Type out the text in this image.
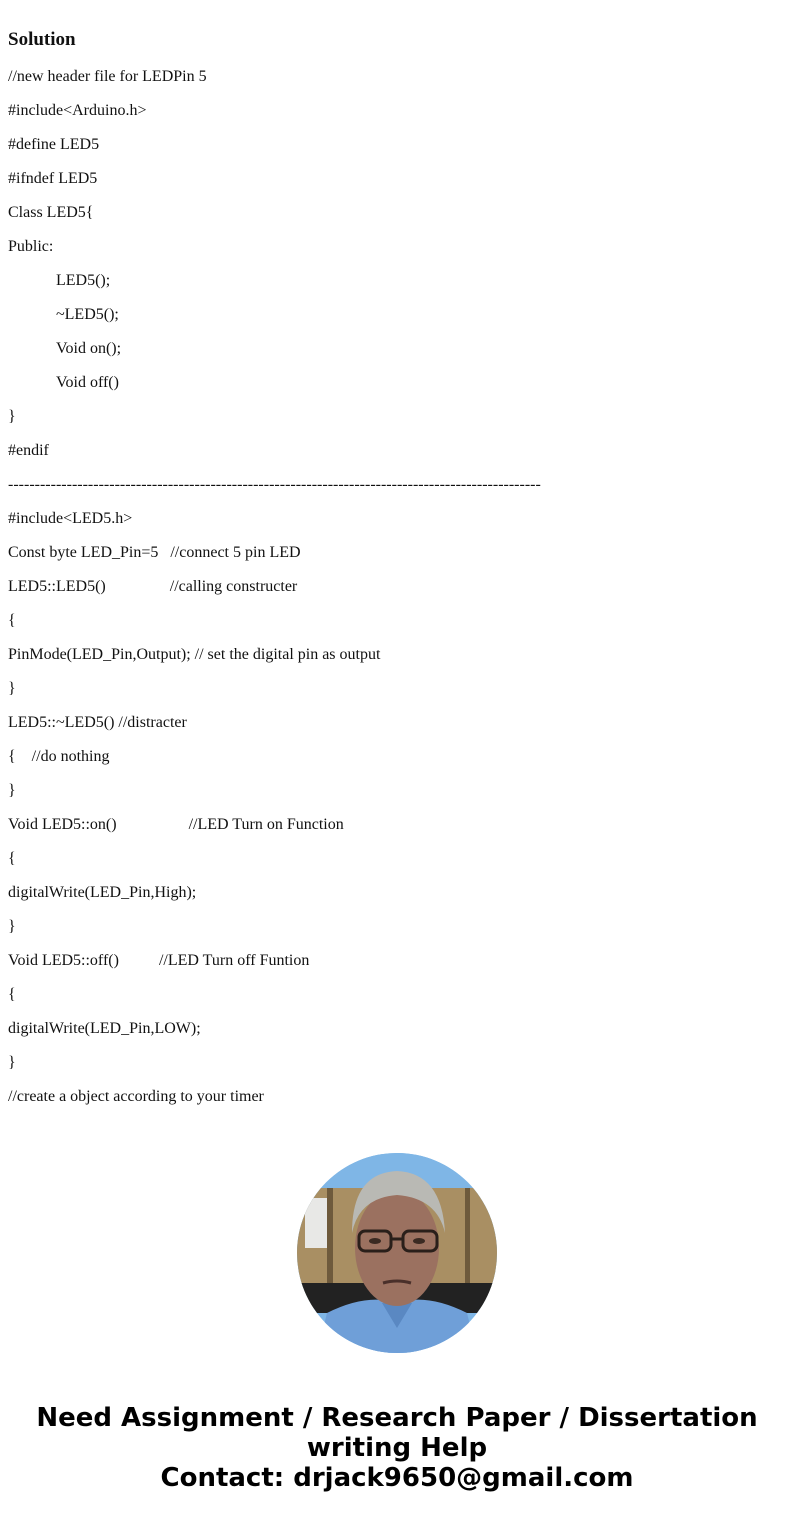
Solution

//new header file for LEDPin 5

#include<Arduino.h>

#define LED5

#ifndef LED5

Class LED5{

Public:

LED5();

~LED5();

Void on();

Void off()

}

#endif

----------------------------------------------------------------------------------------------------

#include<LED5.h>

Const byte LED_Pin=5   //connect 5 pin LED

LED5::LED5()                //calling constructer

{

PinMode(LED_Pin,Output); // set the digital pin as output

}

LED5::~LED5() //distracter

{    //do nothing

}

Void LED5::on()                  //LED Turn on Function

{

digitalWrite(LED_Pin,High);

}

Void LED5::off()          //LED Turn off Funtion

{

digitalWrite(LED_Pin,LOW);

}

//create a object according to your timer

Need Assignment / Research Paper / Dissertation
writing Help
Contact: drjack9650@gmail.com
